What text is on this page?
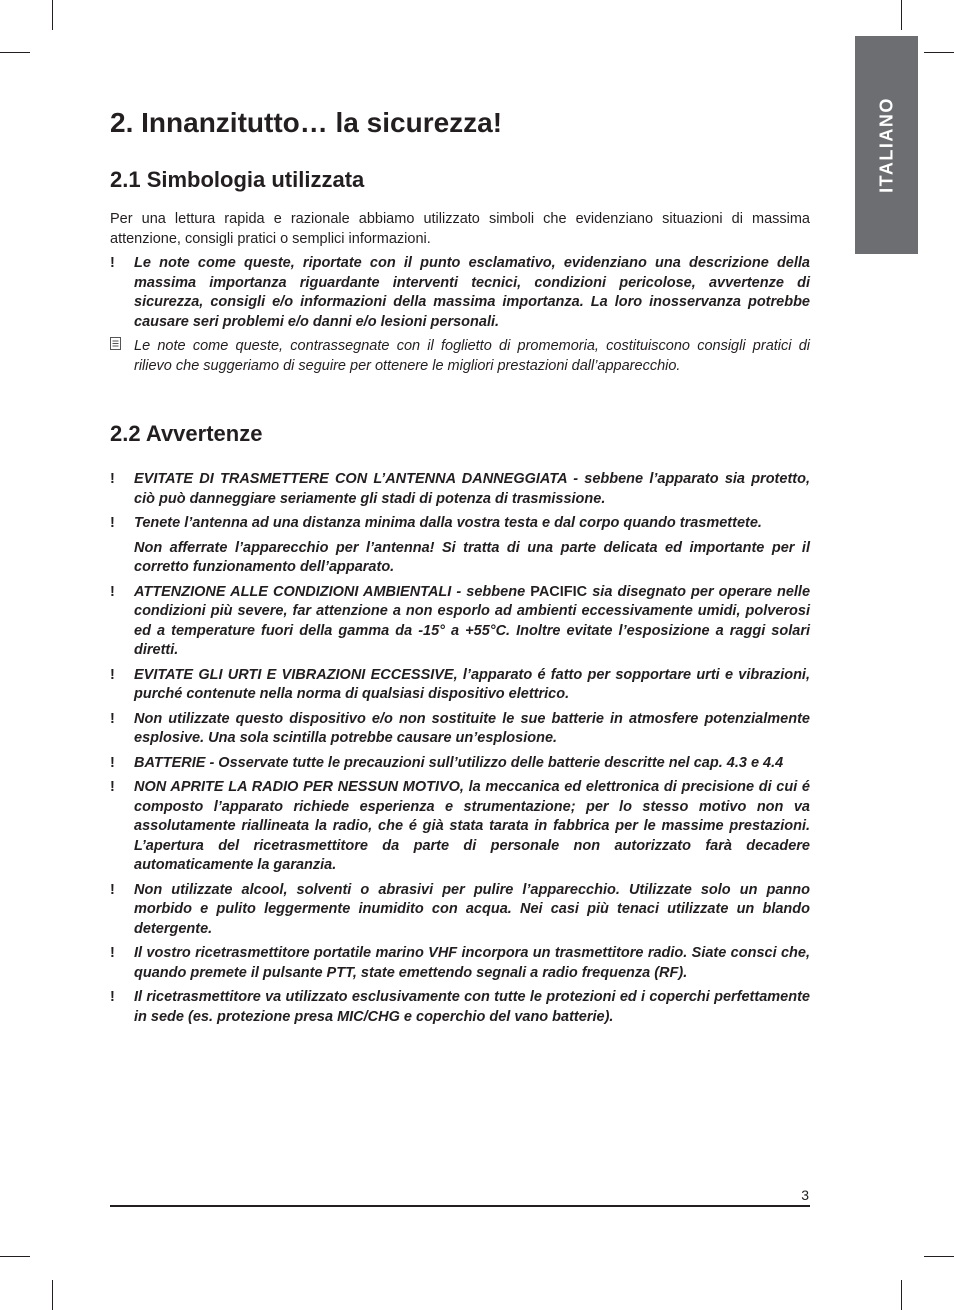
ITALIANO
2. Innanzitutto… la sicurezza!
2.1 Simbologia utilizzata

Per una lettura rapida e razionale abbiamo utilizzato simboli che evidenziano situazioni di massima attenzione, consigli pratici o semplici informazioni.

! Le note come queste, riportate con il punto esclamativo, evidenziano una descrizione della massima importanza riguardante interventi tecnici, condizioni pericolose, avvertenze di sicurezza, consigli e/o informazioni della massima importanza. La loro inosservanza potrebbe causare seri problemi e/o danni e/o lesioni personali.
Le note come queste, contrassegnate con il foglietto di promemoria, costituiscono consigli pratici di rilievo che suggeriamo di seguire per ottenere le migliori prestazioni dall’apparecchio.
2.2 Avvertenze
! EVITATE DI TRASMETTERE CON L’ANTENNA DANNEGGIATA - sebbene l’apparato sia protetto, ciò può danneggiare seriamente gli stadi di potenza di trasmissione.
! Tenete l’antenna ad una distanza minima dalla vostra testa e dal corpo quando trasmettete.
Non afferrate l’apparecchio per l’antenna! Si tratta di una parte delicata ed importante per il corretto funzionamento dell’apparato.
! ATTENZIONE ALLE CONDIZIONI AMBIENTALI - sebbene PACIFIC sia disegnato per operare nelle condizioni più severe, far attenzione a non esporlo ad ambienti eccessivamente umidi, polverosi ed a temperature fuori della gamma da -15° a +55°C. Inoltre evitate l’esposizione a raggi solari diretti.
! EVITATE GLI URTI E VIBRAZIONI ECCESSIVE, l’apparato é fatto per sopportare urti e vibrazioni, purché contenute nella norma di qualsiasi dispositivo elettrico.
! Non utilizzate questo dispositivo e/o non sostituite le sue batterie in atmosfere potenzialmente esplosive. Una sola scintilla potrebbe causare un’esplosione.
! BATTERIE - Osservate tutte le precauzioni sull’utilizzo delle batterie descritte nel cap. 4.3 e 4.4
! NON APRITE LA RADIO PER NESSUN MOTIVO, la meccanica ed elettronica di precisione di cui é composto l’apparato richiede esperienza e strumentazione; per lo stesso motivo non va assolutamente riallineata la radio, che é già stata tarata in fabbrica per le massime prestazioni. L’apertura del ricetrasmettitore da parte di personale non autorizzato farà decadere automaticamente la garanzia.
! Non utilizzate alcool, solventi o abrasivi per pulire l’apparecchio. Utilizzate solo un panno morbido e pulito leggermente inumidito con acqua. Nei casi più tenaci utilizzate un blando detergente.
! Il vostro ricetrasmettitore portatile marino VHF incorpora un trasmettitore radio. Siate consci che, quando premete il pulsante PTT, state emettendo segnali a radio frequenza (RF).
! Il ricetrasmettitore va utilizzato esclusivamente con tutte le protezioni ed i coperchi perfettamente in sede (es. protezione presa MIC/CHG e coperchio del vano batterie).
3
